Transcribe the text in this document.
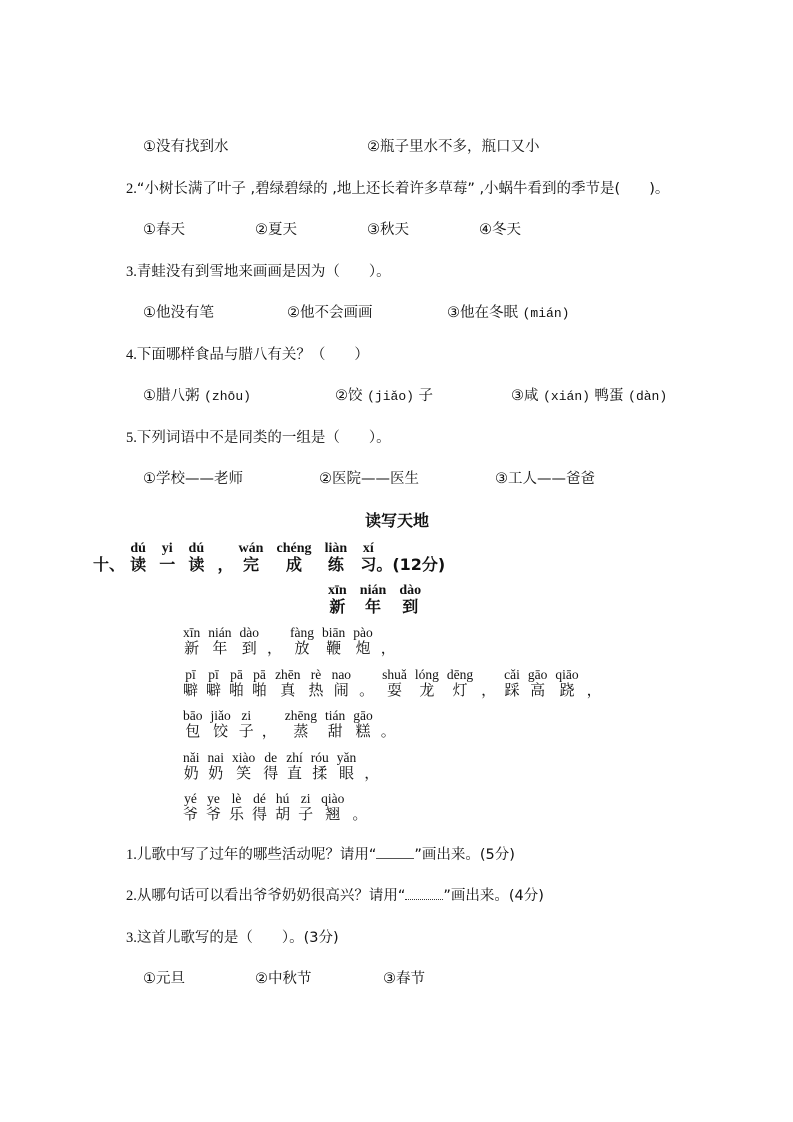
①没有找到水	②瓶子里水不多，瓶口又小
2.“小树长满了叶子 ,碧绿碧绿的 ,地上还长着许多草莓” ,小蜗牛看到的季节是(　　)。
①春天	②夏天	③秋天	④冬天
3.青蛙没有到雪地来画画是因为（　　）。
①他没有笔	②他不会画画	③他在冬眠 (mián)
4.下面哪样食品与腊八有关？（　　）
①腊八粥 (zhōu)	②饺 (jiǎo) 子	③咸 (xián) 鸭蛋 (dàn)
5.下列词语中不是同类的一组是（　　）。
①学校——老师	②医院——医生	③工人——爸爸
读写天地
十、
dú
读

yi
一

dú
读 ，
wán
完

chéng
成

liàn
练

xí
习 。(12分)
xīn
新

nián
年

dào
到
xīn
新
nián
年
dào
到 ，
fàng
放
biān
鞭
pào
炮 ，
pī
噼
pī
噼
pā
啪
pā
啪
zhēn
真
rè
热
nao
闹 。
shuǎ
耍
lóng
龙
dēng
灯 ，
cǎi
踩
gāo
高
qiāo
跷 ，
bāo
包
jiǎo
饺
zi
子 ，
zhēng
蒸
tián
甜
gāo
糕 。
nǎi
奶
nai
奶
xiào
笑
de
得
zhí
直
róu
揉
yǎn
眼 ，
yé
爷
ye
爷
lè
乐
dé
得
hú
胡
zi
子
qiào
翘 。
1.儿歌中写了过年的哪些活动呢？请用“	”画出来。(5分)
2.从哪句话可以看出爷爷奶奶很高兴？请用“	”画出来。(4分)
3.这首儿歌写的是（　　）。(3分)
①元旦	②中秋节	③春节
